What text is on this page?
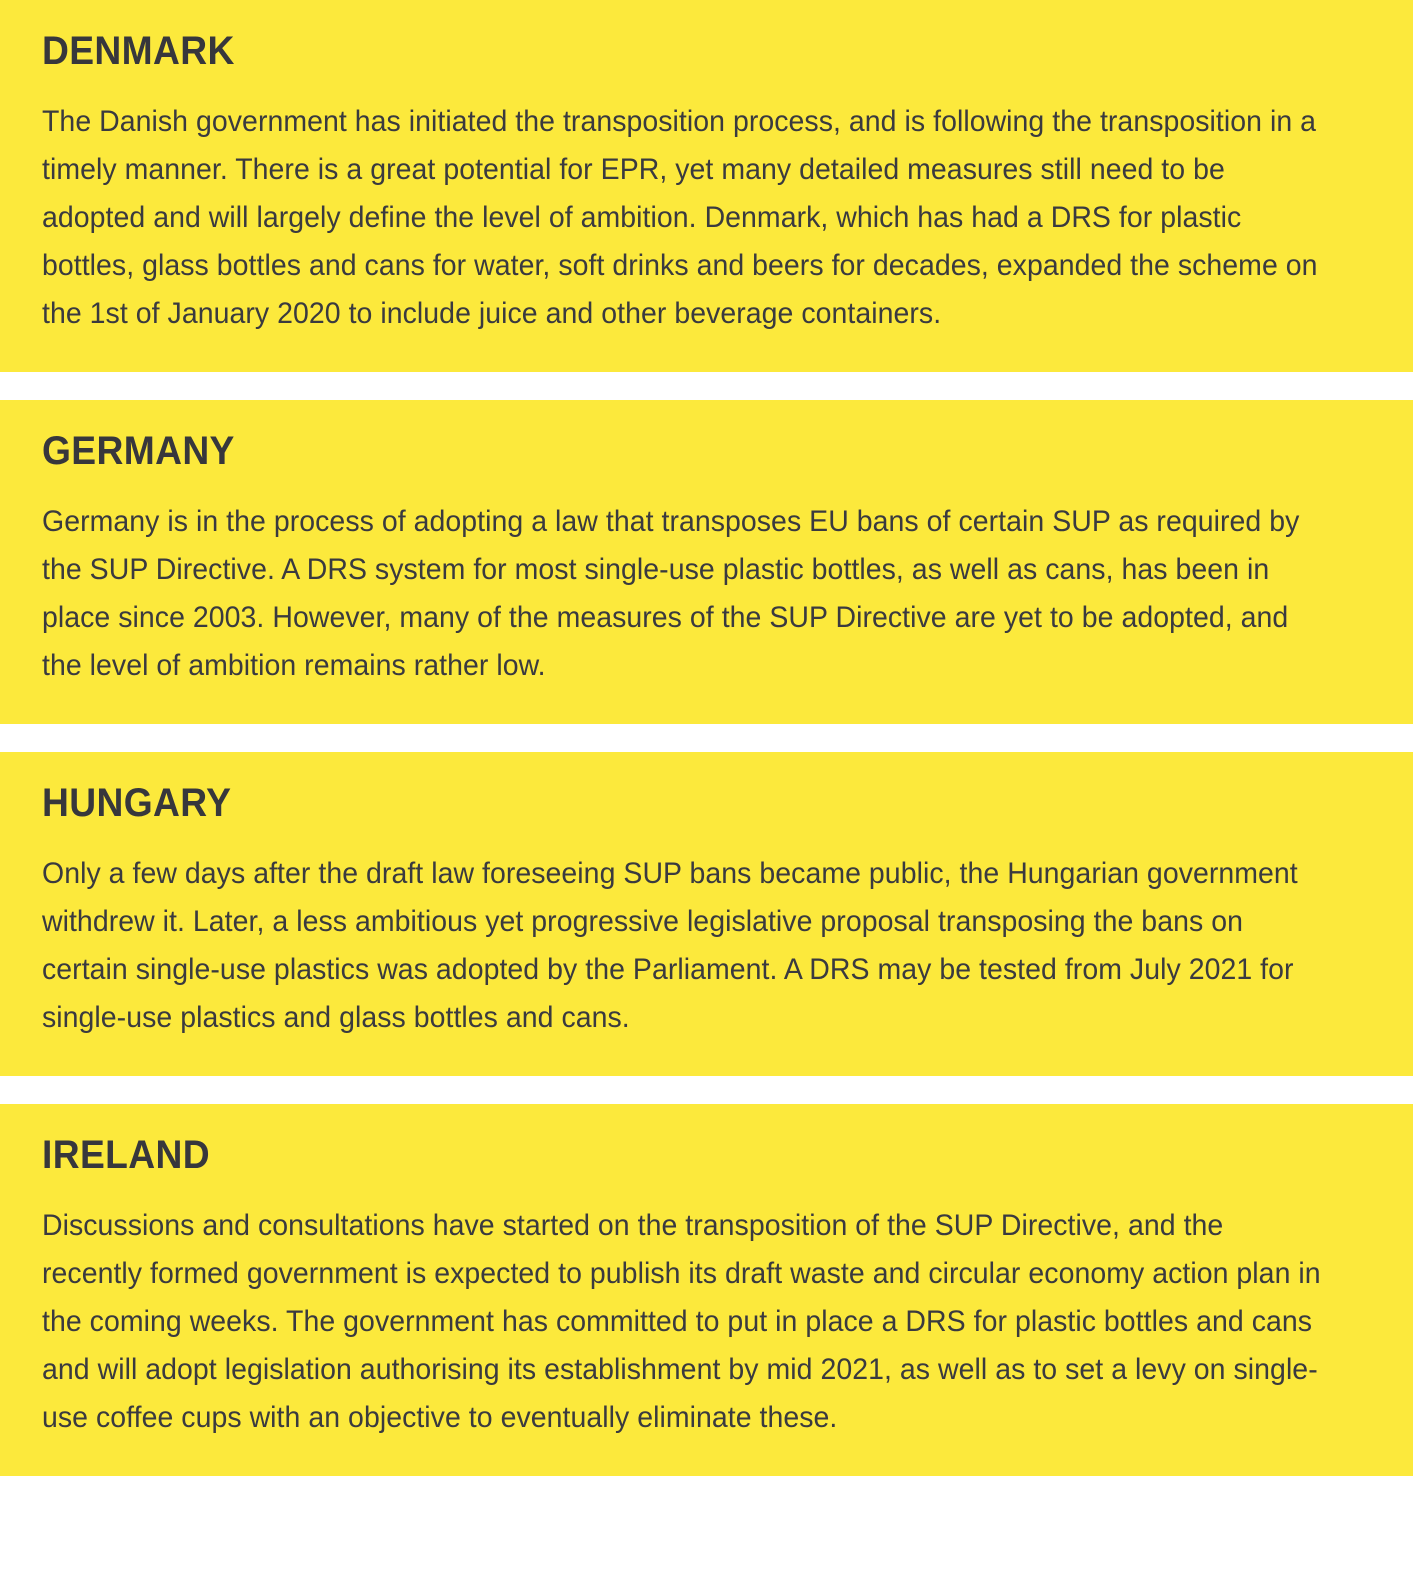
DENMARK

The Danish government has initiated the transposition process, and is following the transposition in a timely manner. There is a great potential for EPR, yet many detailed measures still need to be adopted and will largely define the level of ambition. Denmark, which has had a DRS for plastic bottles, glass bottles and cans for water, soft drinks and beers for decades, expanded the scheme on the 1st of January 2020 to include juice and other beverage containers.

GERMANY

Germany is in the process of adopting a law that transposes EU bans of certain SUP as required by the SUP Directive. A DRS system for most single-use plastic bottles, as well as cans, has been in place since 2003. However, many of the measures of the SUP Directive are yet to be adopted, and the level of ambition remains rather low.

HUNGARY

Only a few days after the draft law foreseeing SUP bans became public, the Hungarian government withdrew it. Later, a less ambitious yet progressive legislative proposal transposing the bans on certain single-use plastics was adopted by the Parliament. A DRS may be tested from July 2021 for single-use plastics and glass bottles and cans.

IRELAND

Discussions and consultations have started on the transposition of the SUP Directive, and the recently formed government is expected to publish its draft waste and circular economy action plan in the coming weeks. The government has committed to put in place a DRS for plastic bottles and cans and will adopt legislation authorising its establishment by mid 2021, as well as to set a levy on single-use coffee cups with an objective to eventually eliminate these.
